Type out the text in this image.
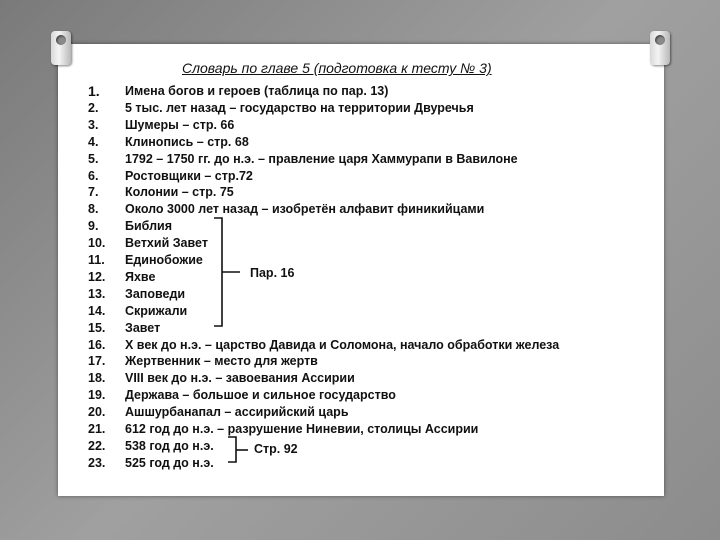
Словарь по главе 5 (подготовка к тесту № 3)
1. Имена богов и героев (таблица по пар. 13)
2. 5 тыс. лет назад – государство на территории Двуречья
3. Шумеры – стр. 66
4. Клинопись – стр. 68
5. 1792 – 1750 гг. до н.э. – правление царя Хаммурапи в Вавилоне
6. Ростовщики – стр.72
7. Колонии – стр. 75
8. Около 3000 лет назад – изобретён алфавит финикийцами
9. Библия
10. Ветхий Завет
11. Единобожие
12. Яхве
13. Заповеди
14. Скрижали
15. Завет
16. Х век до н.э. – царство Давида и Соломона, начало обработки железа
17. Жертвенник – место для жертв
18. VIII век до н.э. – завоевания Ассирии
19. Держава – большое и сильное государство
20. Ашшурбанапал – ассирийский царь
21. 612 год до н.э. – разрушение Ниневии, столицы Ассирии
22. 538 год до н.э.
23. 525 год до н.э.
Пар. 16
Стр. 92
